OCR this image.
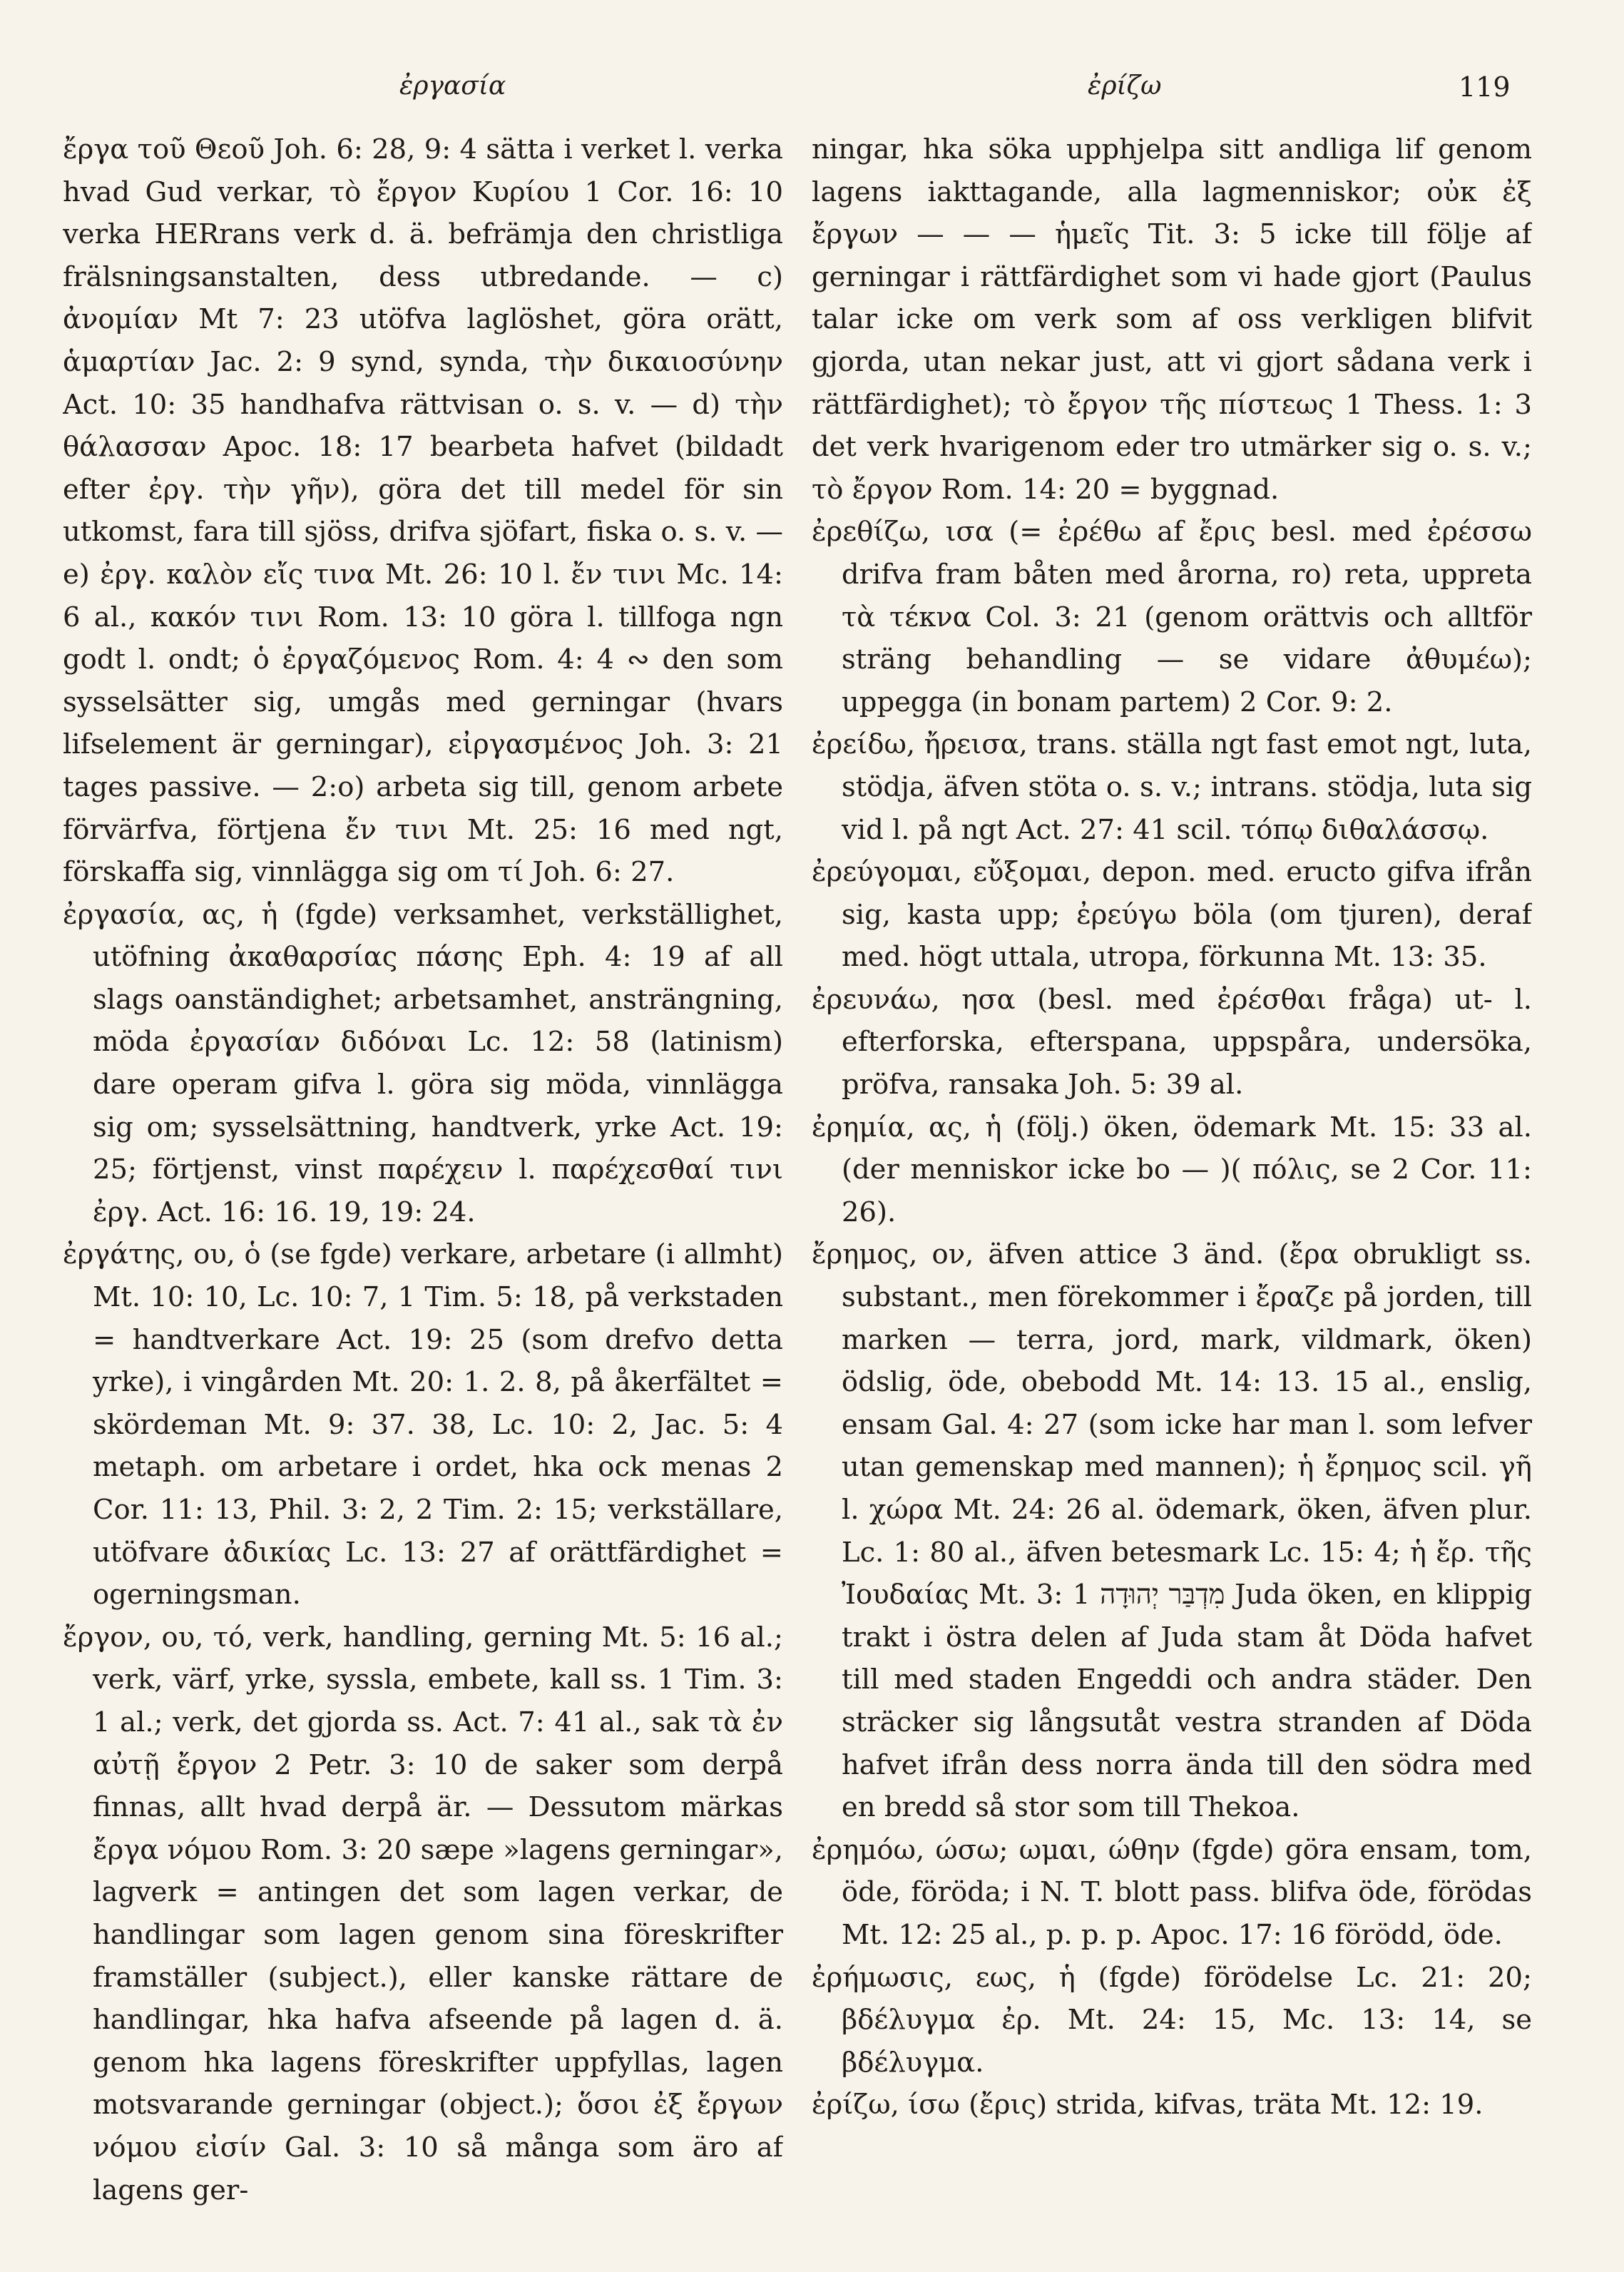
ἐργασία	ἐρίζω	119

ἔργα τοῦ Θεοῦ Joh. 6: 28, 9: 4 sätta i verket l. verka hvad Gud verkar, τὸ ἔργον Κυρίου 1 Cor. 16: 10 verka HERrans verk d. ä. befrämja den christliga frälsningsanstalten, dess utbredande. — c) ἀνομίαν Mt 7: 23 utöfva laglöshet, göra orätt, ἁμαρτίαν Jac. 2: 9 synd, synda, τὴν δικαιοσύνην Act. 10: 35 handhafva rättvisan o. s. v. — d) τὴν θάλασσαν Apoc. 18: 17 bearbeta hafvet (bildadt efter ἐργ. τὴν γῆν), göra det till medel för sin utkomst, fara till sjöss, drifva sjöfart, fiska o. s. v. — e) ἐργ. καλὸν εἴς τινα Mt. 26: 10 l. ἔν τινι Mc. 14: 6 al., κακόν τινι Rom. 13: 10 göra l. tillfoga ngn godt l. ondt; ὁ ἐργαζόμενος Rom. 4: 4 ∾ den som sysselsätter sig, umgås med gerningar (hvars lifselement är gerningar), εἰργασμένος Joh. 3: 21 tages passive. — 2:o) arbeta sig till, genom arbete förvärfva, förtjena ἔν τινι Mt. 25: 16 med ngt, förskaffa sig, vinnlägga sig om τί Joh. 6: 27.

ἐργασία, ας, ἡ (fgde) verksamhet, verkställighet, utöfning ἀκαθαρσίας πάσης Eph. 4: 19 af all slags oanständighet; arbetsamhet, ansträngning, möda ἐργασίαν διδόναι Lc. 12: 58 (latinism) dare operam gifva l. göra sig möda, vinnlägga sig om; sysselsättning, handtverk, yrke Act. 19: 25; förtjenst, vinst παρέχειν l. παρέχεσθαί τινι ἐργ. Act. 16: 16. 19, 19: 24.

ἐργάτης, ου, ὁ (se fgde) verkare, arbetare (i allmht) Mt. 10: 10, Lc. 10: 7, 1 Tim. 5: 18, på verkstaden = handtverkare Act. 19: 25 (som drefvo detta yrke), i vingården Mt. 20: 1. 2. 8, på åkerfältet = skördeman Mt. 9: 37. 38, Lc. 10: 2, Jac. 5: 4 metaph. om arbetare i ordet, hka ock menas 2 Cor. 11: 13, Phil. 3: 2, 2 Tim. 2: 15; verkställare, utöfvare ἀδικίας Lc. 13: 27 af orättfärdighet = ogerningsman.

ἔργον, ου, τό, verk, handling, gerning Mt. 5: 16 al.; verk, värf, yrke, syssla, embete, kall ss. 1 Tim. 3: 1 al.; verk, det gjorda ss. Act. 7: 41 al., sak τὰ ἐν αὐτῇ ἔργον 2 Petr. 3: 10 de saker som derpå finnas, allt hvad derpå är. — Dessutom märkas ἔργα νόμου Rom. 3: 20 sæpe »lagens gerningar», lagverk = antingen det som lagen verkar, de handlingar som lagen genom sina föreskrifter framställer (subject.), eller kanske rättare de handlingar, hka hafva afseende på lagen d. ä. genom hka lagens föreskrifter uppfyllas, lagen motsvarande gerningar (object.); ὅσοι ἐξ ἔργων νόμου εἰσίν Gal. 3: 10 så många som äro af lagens ger-

ningar, hka söka upphjelpa sitt andliga lif genom lagens iakttagande, alla lagmenniskor; οὐκ ἐξ ἔργων — — — ἡμεῖς Tit. 3: 5 icke till följe af gerningar i rättfärdighet som vi hade gjort (Paulus talar icke om verk som af oss verkligen blifvit gjorda, utan nekar just, att vi gjort sådana verk i rättfärdighet); τὸ ἔργον τῆς πίστεως 1 Thess. 1: 3 det verk hvarigenom eder tro utmärker sig o. s. v.; τὸ ἔργον Rom. 14: 20 = byggnad.

ἐρεθίζω, ισα (= ἐρέθω af ἔρις besl. med ἐρέσσω drifva fram båten med årorna, ro) reta, uppreta τὰ τέκνα Col. 3: 21 (genom orättvis och alltför sträng behandling — se vidare ἀθυμέω); uppegga (in bonam partem) 2 Cor. 9: 2.

ἐρείδω, ἤρεισα, trans. ställa ngt fast emot ngt, luta, stödja, äfven stöta o. s. v.; intrans. stödja, luta sig vid l. på ngt Act. 27: 41 scil. τόπῳ διθαλάσσῳ.

ἐρεύγομαι, εὔξομαι, depon. med. eructo gifva ifrån sig, kasta upp; ἐρεύγω böla (om tjuren), deraf med. högt uttala, utropa, förkunna Mt. 13: 35.

ἐρευνάω, ησα (besl. med ἐρέσθαι fråga) ut- l. efterforska, efterspana, uppspåra, undersöka, pröfva, ransaka Joh. 5: 39 al.

ἐρημία, ας, ἡ (följ.) öken, ödemark Mt. 15: 33 al. (der menniskor icke bo — )( πόλις, se 2 Cor. 11: 26).

ἔρημος, ον, äfven attice 3 änd. (ἔρα obrukligt ss. substant., men förekommer i ἔραζε på jorden, till marken — terra, jord, mark, vildmark, öken) ödslig, öde, obebodd Mt. 14: 13. 15 al., enslig, ensam Gal. 4: 27 (som icke har man l. som lefver utan gemenskap med mannen); ἡ ἔρημος scil. γῆ l. χώρα Mt. 24: 26 al. ödemark, öken, äfven plur. Lc. 1: 80 al., äfven betesmark Lc. 15: 4; ἡ ἔρ. τῆς Ἰουδαίας Mt. 3: 1 מִדְבַּר יְהוּדָה Juda öken, en klippig trakt i östra delen af Juda stam åt Döda hafvet till med staden Engeddi och andra städer. Den sträcker sig långsutåt vestra stranden af Döda hafvet ifrån dess norra ända till den södra med en bredd så stor som till Thekoa.

ἐρημόω, ώσω; ωμαι, ώθην (fgde) göra ensam, tom, öde, föröda; i N. T. blott pass. blifva öde, förödas Mt. 12: 25 al., p. p. p. Apoc. 17: 16 förödd, öde.

ἐρήμωσις, εως, ἡ (fgde) förödelse Lc. 21: 20; βδέλυγμα ἐρ. Mt. 24: 15, Mc. 13: 14, se βδέλυγμα.

ἐρίζω, ίσω (ἔρις) strida, kifvas, träta Mt. 12: 19.
